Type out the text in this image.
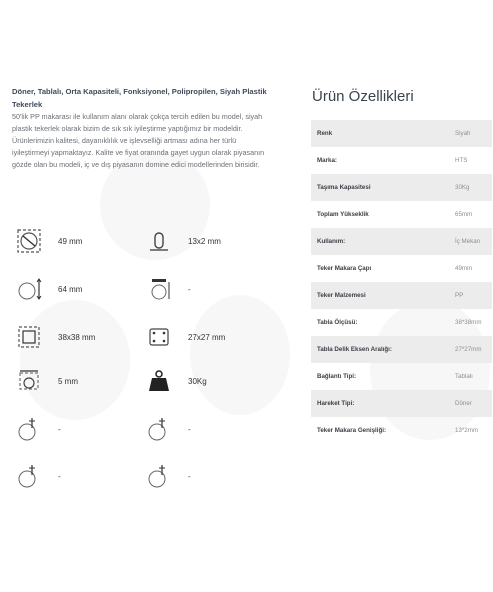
Döner, Tablalı, Orta Kapasiteli, Fonksiyonel, Polipropilen, Siyah Plastik Tekerlek

50'lik PP makarası ile kullanım alanı olarak çokça tercih edilen bu model, siyah plastik tekerlek olarak bizim de sık sık iyileştirme yaptığımız bir modeldir. Ürünlerimizin kalitesi, dayanıklılık ve işlevselliği artması adına her türlü iyileştirmeyi yapmaktayız. Kalite ve fiyat oranında gayet uygun olarak piyasanın gözde olan bu modeli, iç ve dış piyasanın domine edici modellerinden birisidir.

49 mm	13x2 mm
64 mm	-
38x38 mm	27x27 mm
5 mm	30Kg
-	-
-	-
Ürün Özellikleri
Renk	Siyah
Marka:	HTS
Taşıma Kapasitesi	30Kg
Toplam Yükseklik	65mm
Kullanım:	İç Mekan
Teker Makara Çapı	49mm
Teker Malzemesi	PP
Tabla Ölçüsü:	38*38mm
Tabla Delik Eksen Aralığı:	27*27mm
Bağlantı Tipi:	Tablalı
Hareket Tipi:	Döner
Teker Makara Genişliği:	13*2mm
